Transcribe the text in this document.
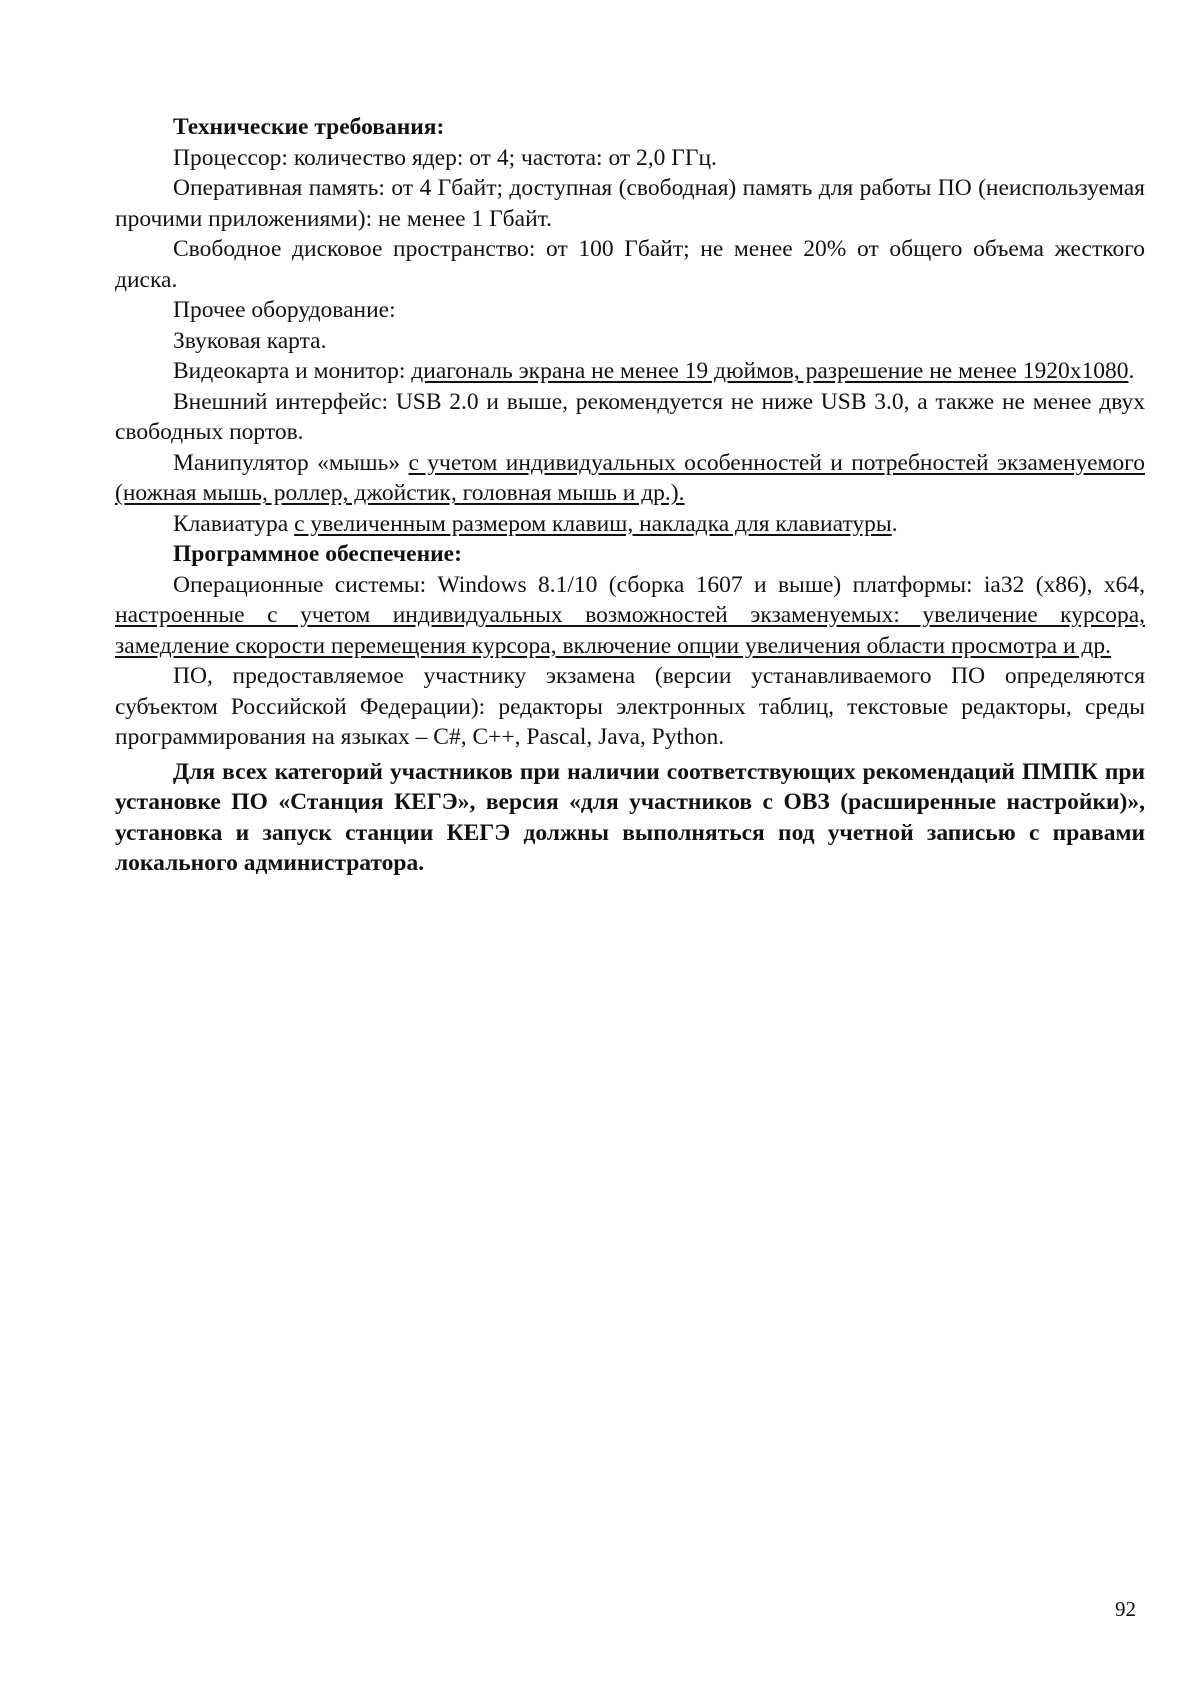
Технические требования:

Процессор: количество ядер: от 4; частота: от 2,0 ГГц.

Оперативная память: от 4 Гбайт; доступная (свободная) память для работы ПО (неиспользуемая прочими приложениями): не менее 1 Гбайт.

Свободное дисковое пространство: от 100 Гбайт; не менее 20% от общего объема жесткого диска.

Прочее оборудование:

Звуковая карта.

Видеокарта и монитор: диагональ экрана не менее 19 дюймов, разрешение не менее 1920х1080.

Внешний интерфейс: USB 2.0 и выше, рекомендуется не ниже USB 3.0, а также не менее двух свободных портов.

Манипулятор «мышь» с учетом индивидуальных особенностей и потребностей экзаменуемого (ножная мышь, роллер, джойстик, головная мышь и др.).

Клавиатура с увеличенным размером клавиш, накладка для клавиатуры.

Программное обеспечение:

Операционные системы: Windows 8.1/10 (сборка 1607 и выше) платформы: ia32 (x86), x64, настроенные с учетом индивидуальных возможностей экзаменуемых: увеличение курсора, замедление скорости перемещения курсора, включение опции увеличения области просмотра и др.

ПО, предоставляемое участнику экзамена (версии устанавливаемого ПО определяются субъектом Российской Федерации): редакторы электронных таблиц, текстовые редакторы, среды программирования на языках – C#, C++, Pascal, Java, Python.

Для всех категорий участников при наличии соответствующих рекомендаций ПМПК при установке ПО «Станция КЕГЭ», версия «для участников с ОВЗ (расширенные настройки)», установка и запуск станции КЕГЭ должны выполняться под учетной записью с правами локального администратора.

92
